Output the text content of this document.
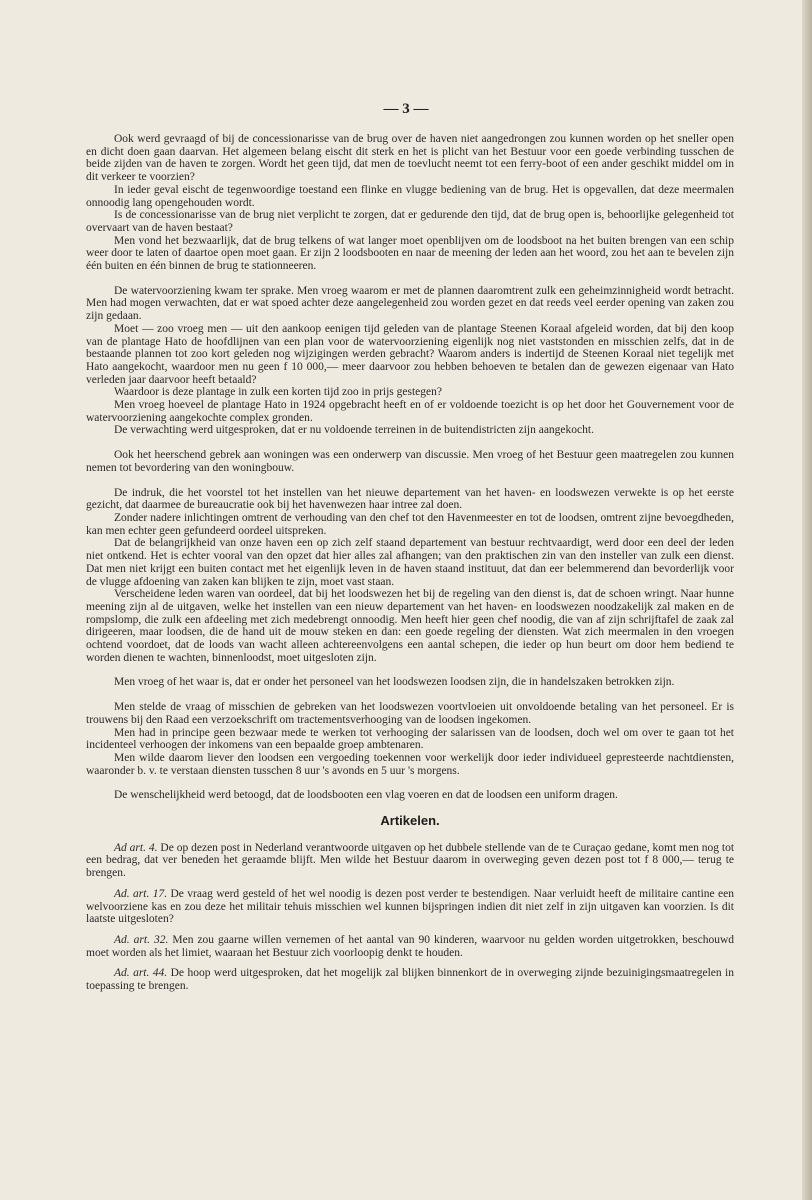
— 3 —

Ook werd gevraagd of bij de concessionarisse van de brug over de haven niet aangedrongen zou kunnen worden op het sneller open en dicht doen gaan daarvan. Het algemeen belang eischt dit sterk en het is plicht van het Bestuur voor een goede verbinding tusschen de beide zijden van de haven te zorgen. Wordt het geen tijd, dat men de toevlucht neemt tot een ferry-boot of een ander geschikt middel om in dit verkeer te voorzien?

In ieder geval eischt de tegenwoordige toestand een flinke en vlugge bediening van de brug. Het is opgevallen, dat deze meermalen onnoodig lang opengehouden wordt.

Is de concessionarisse van de brug niet verplicht te zorgen, dat er gedurende den tijd, dat de brug open is, behoorlijke gelegenheid tot overvaart van de haven bestaat?

Men vond het bezwaarlijk, dat de brug telkens of wat langer moet openblijven om de loodsboot na het buiten brengen van een schip weer door te laten of daartoe open moet gaan. Er zijn 2 loodsbooten en naar de meening der leden aan het woord, zou het aan te bevelen zijn één buiten en één binnen de brug te stationneeren.

De watervoorziening kwam ter sprake. Men vroeg waarom er met de plannen daaromtrent zulk een geheimzinnigheid wordt betracht. Men had mogen verwachten, dat er wat spoed achter deze aangelegenheid zou worden gezet en dat reeds veel eerder opening van zaken zou zijn gedaan.

Moet — zoo vroeg men — uit den aankoop eenigen tijd geleden van de plantage Steenen Koraal afgeleid worden, dat bij den koop van de plantage Hato de hoofdlijnen van een plan voor de watervoorziening eigenlijk nog niet vaststonden en misschien zelfs, dat in de bestaande plannen tot zoo kort geleden nog wijzigingen werden gebracht? Waarom anders is indertijd de Steenen Koraal niet tegelijk met Hato aangekocht, waardoor men nu geen f 10 000,— meer daarvoor zou hebben behoeven te betalen dan de gewezen eigenaar van Hato verleden jaar daarvoor heeft betaald?

Waardoor is deze plantage in zulk een korten tijd zoo in prijs gestegen?

Men vroeg hoeveel de plantage Hato in 1924 opgebracht heeft en of er voldoende toezicht is op het door het Gouvernement voor de watervoorziening aangekochte complex gronden.

De verwachting werd uitgesproken, dat er nu voldoende terreinen in de buitendistricten zijn aangekocht.

Ook het heerschend gebrek aan woningen was een onderwerp van discussie. Men vroeg of het Bestuur geen maatregelen zou kunnen nemen tot bevordering van den woningbouw.

De indruk, die het voorstel tot het instellen van het nieuwe departement van het haven- en loodswezen verwekte is op het eerste gezicht, dat daarmee de bureaucratie ook bij het havenwezen haar intree zal doen.

Zonder nadere inlichtingen omtrent de verhouding van den chef tot den Havenmeester en tot de loodsen, omtrent zijne bevoegdheden, kan men echter geen gefundeerd oordeel uitspreken.

Dat de belangrijkheid van onze haven een op zich zelf staand departement van bestuur rechtvaardigt, werd door een deel der leden niet ontkend. Het is echter vooral van den opzet dat hier alles zal afhangen; van den praktischen zin van den insteller van zulk een dienst. Dat men niet krijgt een buiten contact met het eigenlijk leven in de haven staand instituut, dat dan eer belemmerend dan bevorderlijk voor de vlugge afdoening van zaken kan blijken te zijn, moet vast staan.

Verscheidene leden waren van oordeel, dat bij het loodswezen het bij de regeling van den dienst is, dat de schoen wringt. Naar hunne meening zijn al de uitgaven, welke het instellen van een nieuw departement van het haven- en loodswezen noodzakelijk zal maken en de rompslomp, die zulk een afdeeling met zich medebrengt onnoodig. Men heeft hier geen chef noodig, die van af zijn schrijftafel de zaak zal dirigeeren, maar loodsen, die de hand uit de mouw steken en dan: een goede regeling der diensten. Wat zich meermalen in den vroegen ochtend voordoet, dat de loods van wacht alleen achtereenvolgens een aantal schepen, die ieder op hun beurt om door hem bediend te worden dienen te wachten, binnenloodst, moet uitgesloten zijn.

Men vroeg of het waar is, dat er onder het personeel van het loodswezen loodsen zijn, die in handelszaken betrokken zijn.

Men stelde de vraag of misschien de gebreken van het loodswezen voortvloeien uit onvoldoende betaling van het personeel. Er is trouwens bij den Raad een verzoekschrift om tractementsverhooging van de loodsen ingekomen.

Men had in principe geen bezwaar mede te werken tot verhooging der salarissen van de loodsen, doch wel om over te gaan tot het incidenteel verhoogen der inkomens van een bepaalde groep ambtenaren.

Men wilde daarom liever den loodsen een vergoeding toekennen voor werkelijk door ieder individueel gepresteerde nachtdiensten, waaronder b. v. te verstaan diensten tusschen 8 uur 's avonds en 5 uur 's morgens.

De wenschelijkheid werd betoogd, dat de loodsbooten een vlag voeren en dat de loodsen een uniform dragen.

Artikelen.

Ad art. 4. De op dezen post in Nederland verantwoorde uitgaven op het dubbele stellende van de te Curaçao gedane, komt men nog tot een bedrag, dat ver beneden het geraamde blijft. Men wilde het Bestuur daarom in overweging geven dezen post tot f 8 000,— terug te brengen.

Ad. art. 17. De vraag werd gesteld of het wel noodig is dezen post verder te bestendigen. Naar verluidt heeft de militaire cantine een welvoorziene kas en zou deze het militair tehuis misschien wel kunnen bijspringen indien dit niet zelf in zijn uitgaven kan voorzien. Is dit laatste uitgesloten?

Ad. art. 32. Men zou gaarne willen vernemen of het aantal van 90 kinderen, waarvoor nu gelden worden uitgetrokken, beschouwd moet worden als het limiet, waaraan het Bestuur zich voorloopig denkt te houden.

Ad. art. 44. De hoop werd uitgesproken, dat het mogelijk zal blijken binnenkort de in overweging zijnde bezuinigingsmaatregelen in toepassing te brengen.
